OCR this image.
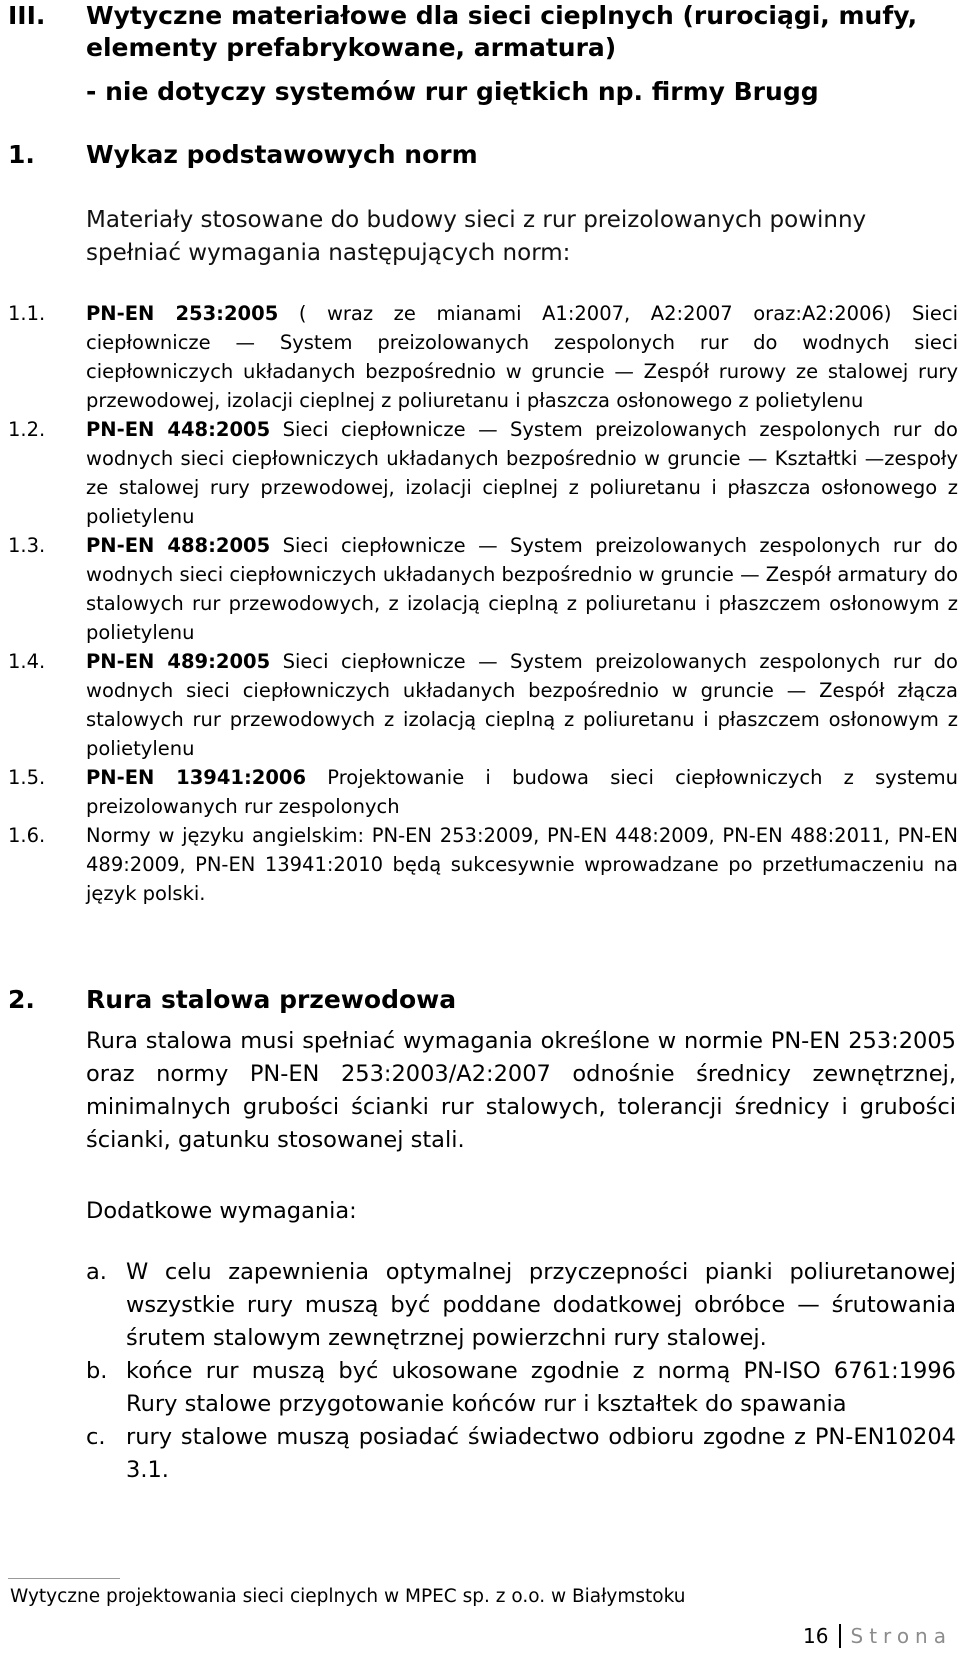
III.	Wytyczne materiałowe dla sieci cieplnych (rurociągi, mufy, elementy prefabrykowane, armatura)
- nie dotyczy systemów rur giętkich np. firmy Brugg
1.	Wykaz podstawowych norm
Materiały stosowane do budowy sieci z rur preizolowanych powinny spełniać wymagania następujących norm:
1.1.	PN-EN 253:2005 ( wraz ze mianami A1:2007, A2:2007 oraz:A2:2006) Sieci ciepłownicze — System preizolowanych zespolonych rur do wodnych sieci ciepłowniczych układanych bezpośrednio w gruncie — Zespół rurowy ze stalowej rury przewodowej, izolacji cieplnej z poliuretanu i płaszcza osłonowego z polietylenu
1.2.	PN-EN 448:2005 Sieci ciepłownicze — System preizolowanych zespolonych rur do wodnych sieci ciepłowniczych układanych bezpośrednio w gruncie — Kształtki —zespoły ze stalowej rury przewodowej, izolacji cieplnej z poliuretanu i płaszcza osłonowego z polietylenu
1.3.	PN-EN 488:2005 Sieci ciepłownicze — System preizolowanych zespolonych rur do wodnych sieci ciepłowniczych układanych bezpośrednio w gruncie — Zespół armatury do stalowych rur przewodowych, z izolacją cieplną z poliuretanu i płaszczem osłonowym z polietylenu
1.4.	PN-EN 489:2005 Sieci ciepłownicze — System preizolowanych zespolonych rur do wodnych sieci ciepłowniczych układanych bezpośrednio w gruncie — Zespół złącza stalowych rur przewodowych z izolacją cieplną z poliuretanu i płaszczem osłonowym z polietylenu
1.5.	PN-EN 13941:2006 Projektowanie i budowa sieci ciepłowniczych z systemu preizolowanych rur zespolonych
1.6.	Normy w języku angielskim: PN-EN 253:2009, PN-EN 448:2009, PN-EN 488:2011, PN-EN 489:2009, PN-EN 13941:2010 będą sukcesywnie wprowadzane po przetłumaczeniu na język polski.
2.	Rura stalowa przewodowa
Rura stalowa musi spełniać wymagania określone w normie PN-EN 253:2005 oraz normy PN-EN 253:2003/A2:2007 odnośnie średnicy zewnętrznej, minimalnych grubości ścianki rur stalowych, tolerancji średnicy i grubości ścianki, gatunku stosowanej stali.
Dodatkowe wymagania:
a. W celu zapewnienia optymalnej przyczepności pianki poliuretanowej wszystkie rury muszą być poddane dodatkowej obróbce — śrutowania śrutem stalowym zewnętrznej powierzchni rury stalowej.
b. końce rur muszą być ukosowane zgodnie z normą PN-ISO 6761:1996 Rury stalowe przygotowanie końców rur i kształtek do spawania
c. rury stalowe muszą posiadać świadectwo odbioru zgodne z PN-EN10204 3.1.
Wytyczne projektowania sieci cieplnych w MPEC sp. z o.o. w Białymstoku
16 Strona
